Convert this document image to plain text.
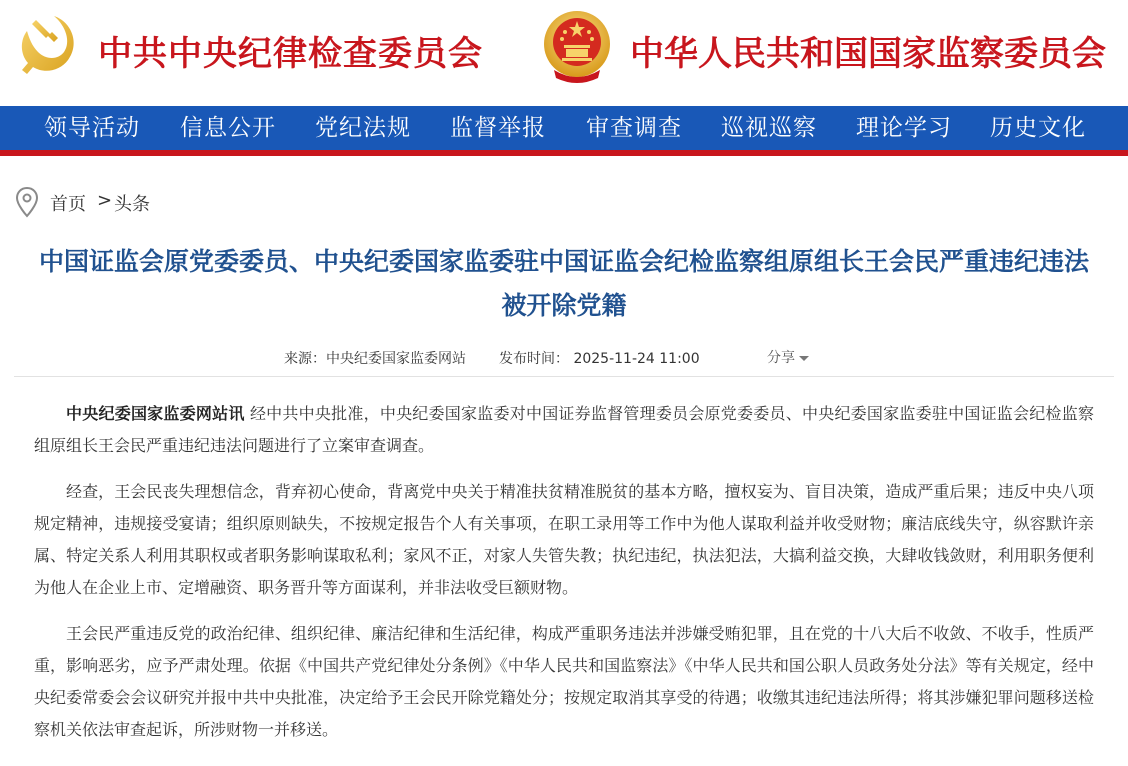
中共中央纪律检查委员会	中华人民共和国国家监察委员会
领导活动 信息公开 党纪法规 监督举报 审查调查 巡视巡察 理论学习 历史文化
首页 > 头条
中国证监会原党委委员、中央纪委国家监委驻中国证监会纪检监察组原组长王会民严重违纪违法
被开除党籍
来源：中央纪委国家监委网站 发布时间： 2025-11-24 11:00	分享

中央纪委国家监委网站讯 经中共中央批准，中央纪委国家监委对中国证券监督管理委员会原党委委员、中央纪委国家监委驻中国证监会纪检监察组原组长王会民严重违纪违法问题进行了立案审查调查。

经查，王会民丧失理想信念，背弃初心使命，背离党中央关于精准扶贫精准脱贫的基本方略，擅权妄为、盲目决策，造成严重后果；违反中央八项规定精神，违规接受宴请；组织原则缺失，不按规定报告个人有关事项，在职工录用等工作中为他人谋取利益并收受财物；廉洁底线失守，纵容默许亲属、特定关系人利用其职权或者职务影响谋取私利；家风不正，对家人失管失教；执纪违纪，执法犯法，大搞利益交换，大肆收钱敛财，利用职务便利为他人在企业上市、定增融资、职务晋升等方面谋利，并非法收受巨额财物。

王会民严重违反党的政治纪律、组织纪律、廉洁纪律和生活纪律，构成严重职务违法并涉嫌受贿犯罪，且在党的十八大后不收敛、不收手，性质严重，影响恶劣，应予严肃处理。依据《中国共产党纪律处分条例》《中华人民共和国监察法》《中华人民共和国公职人员政务处分法》等有关规定，经中央纪委常委会会议研究并报中共中央批准，决定给予王会民开除党籍处分；按规定取消其享受的待遇；收缴其违纪违法所得；将其涉嫌犯罪问题移送检察机关依法审查起诉，所涉财物一并移送。
